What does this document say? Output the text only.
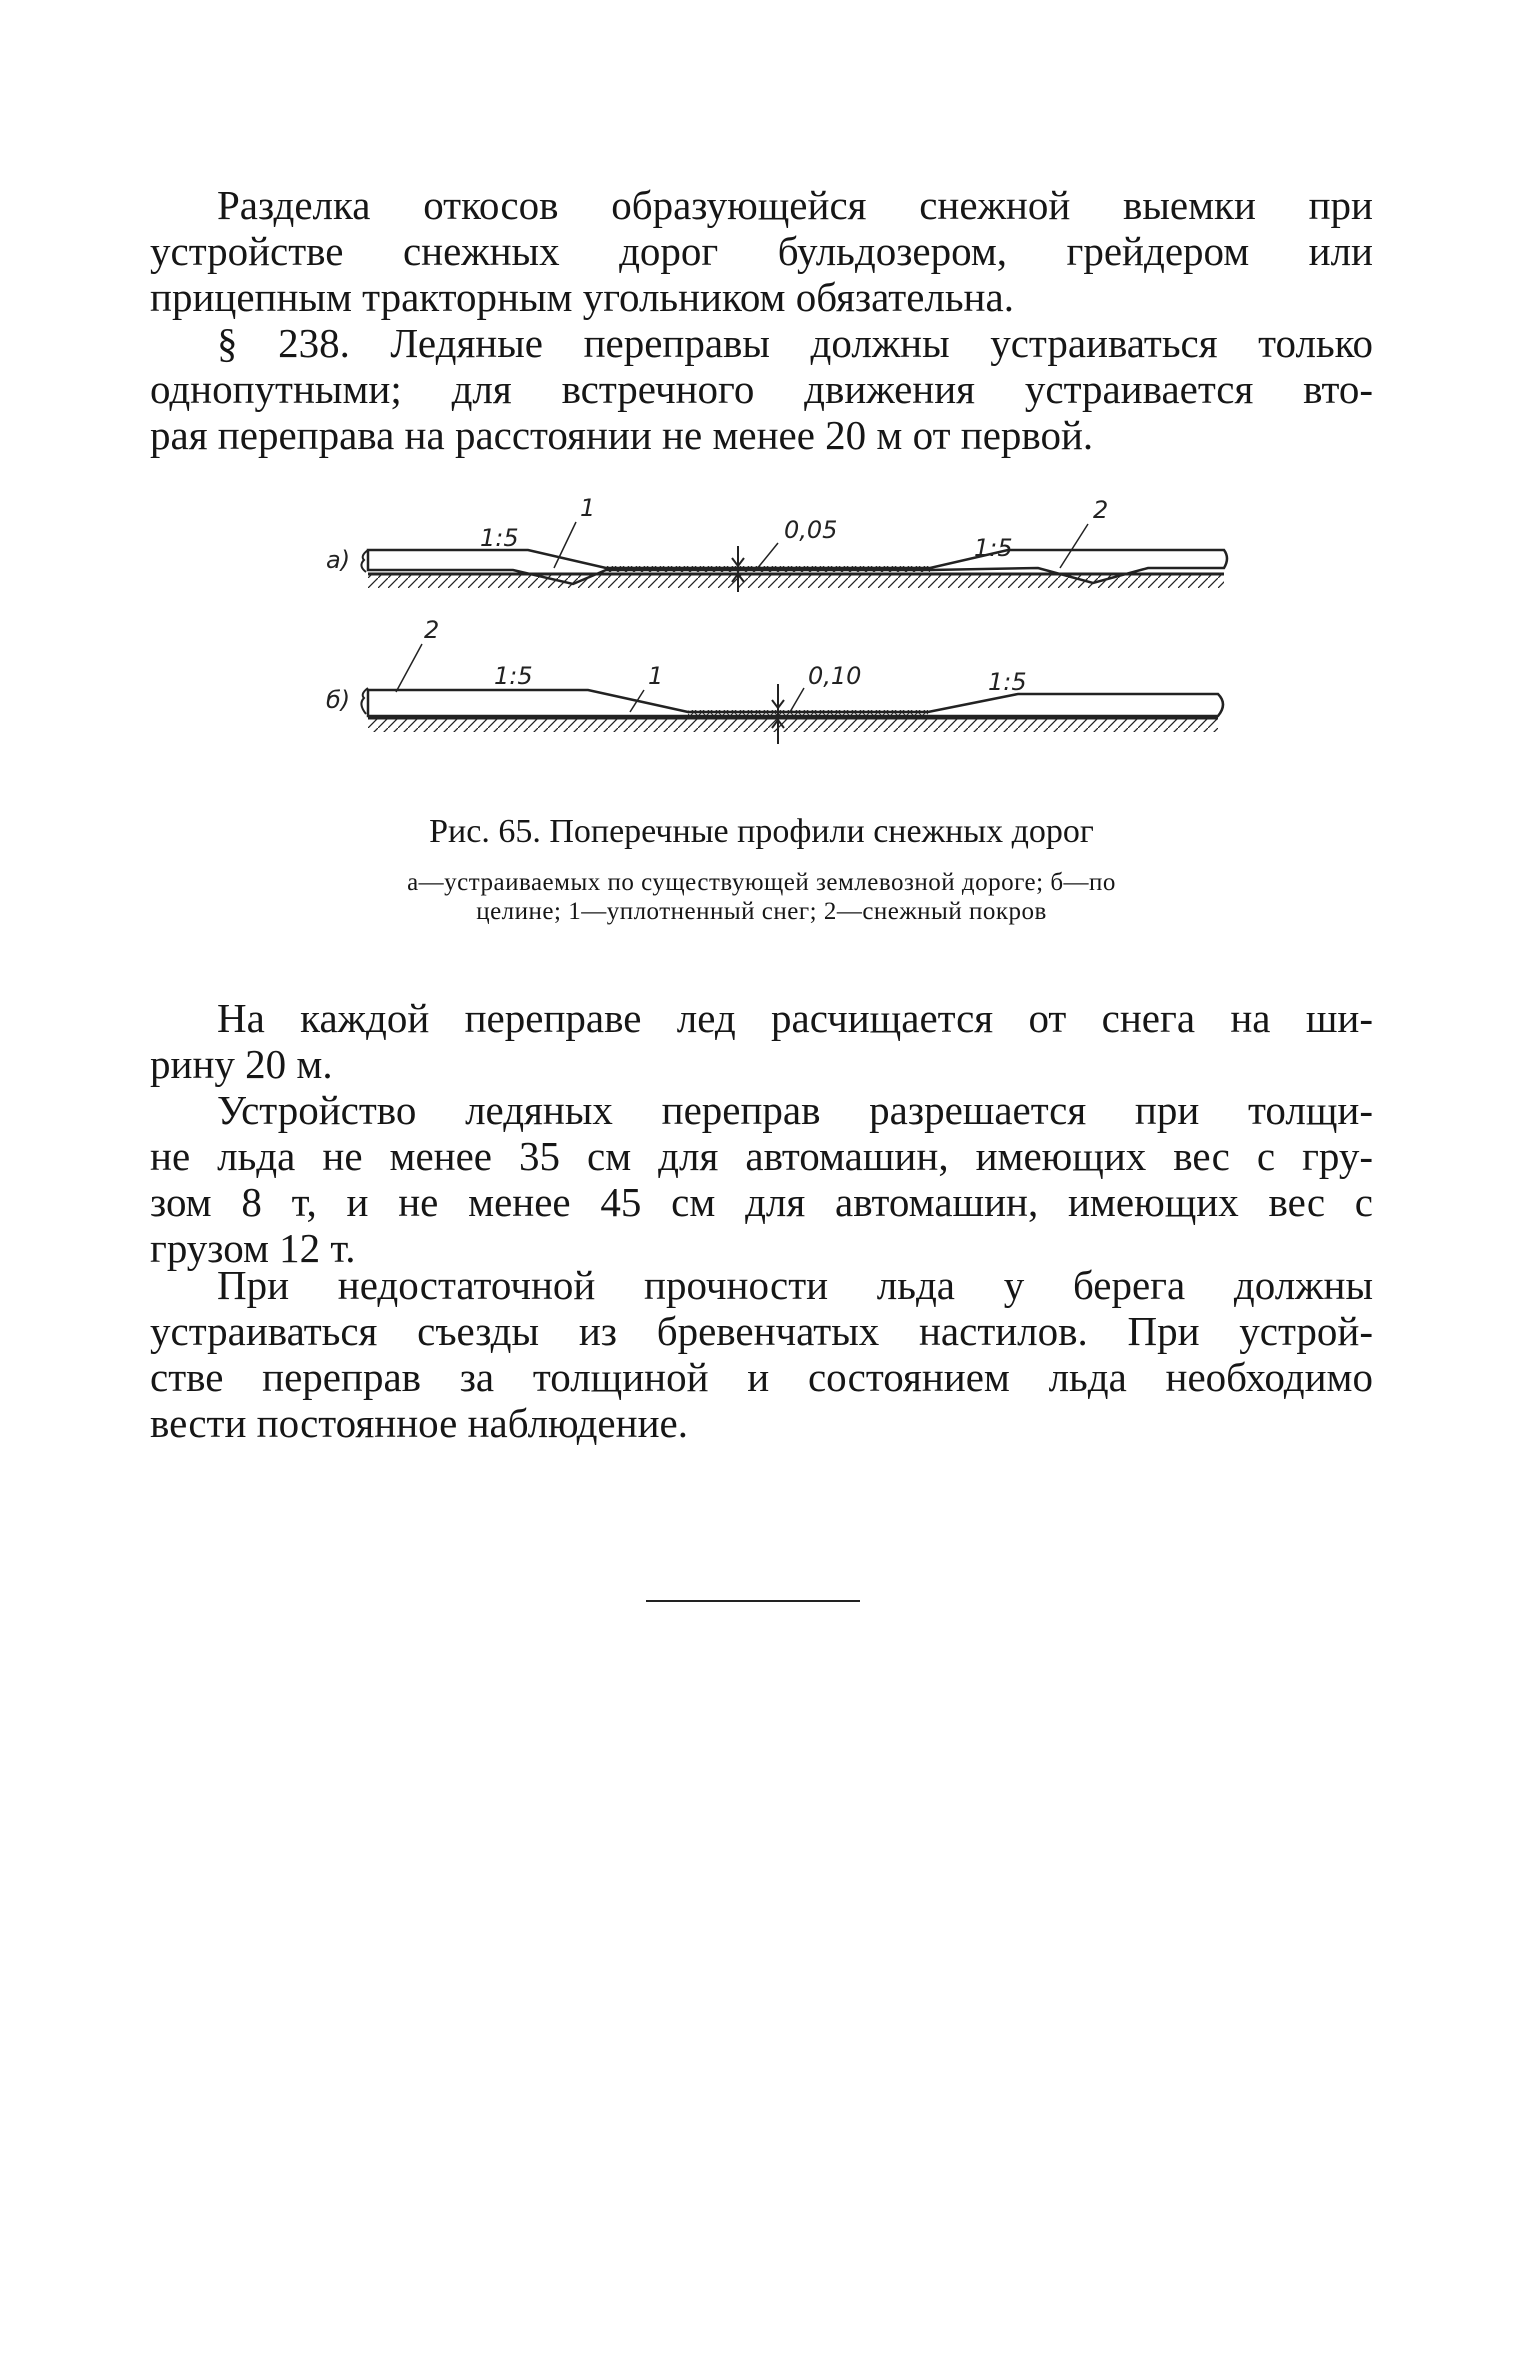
Разделка откосов образующейся снежной выемки при
устройстве снежных дорог бульдозером, грейдером или
прицепным тракторным угольником обязательна.

§ 238. Ледяные переправы должны устраиваться только
однопутными; для встречного движения устраивается вто-
рая переправа на расстоянии не менее 20 м от первой.

а)
1:5
1
0,05
1:5
2
б)
2
1:5	1	0,10	1:5

Рис. 65. Поперечные профили снежных дорог

а—устраиваемых по существующей землевозной дороге; б—по
целине; 1—уплотненный снег; 2—снежный покров

На каждой переправе лед расчищается от снега на ши-
рину 20 м.

Устройство ледяных переправ разрешается при толщи-
не льда не менее 35 см для автомашин, имеющих вес с гру-
зом 8 т, и не менее 45 см для автомашин, имеющих вес с
грузом 12 т.

При недостаточной прочности льда у берега должны
устраиваться съезды из бревенчатых настилов. При устрой-
стве переправ за толщиной и состоянием льда необходимо
вести постоянное наблюдение.
